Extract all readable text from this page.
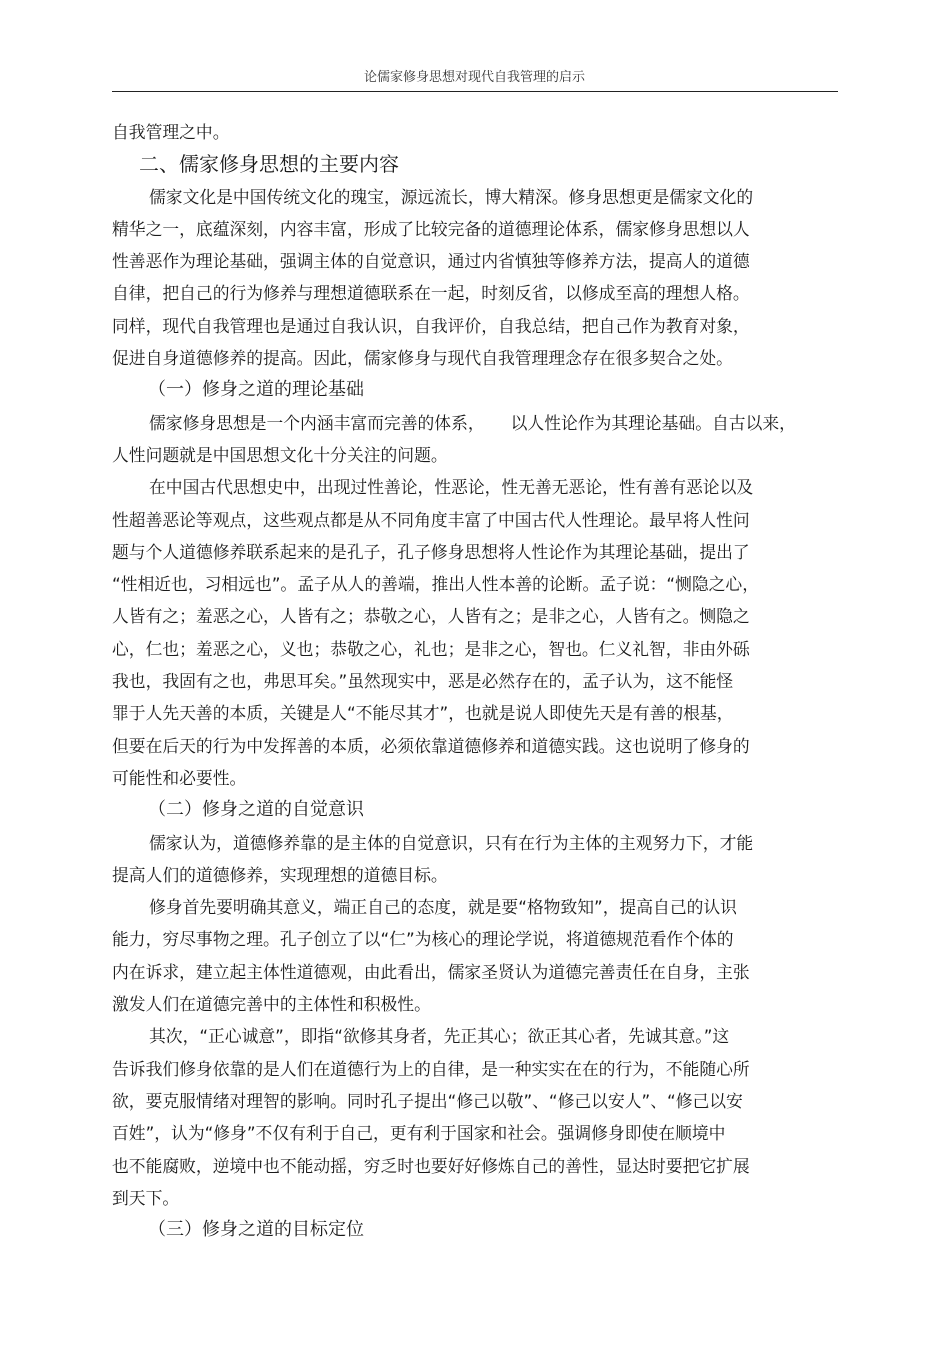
论儒家修身思想对现代自我管理的启示
自我管理之中。
二、儒家修身思想的主要内容
儒家文化是中国传统文化的瑰宝，源远流长，博大精深。修身思想更是儒家文化的
精华之一，底蕴深刻，内容丰富，形成了比较完备的道德理论体系，儒家修身思想以人
性善恶作为理论基础，强调主体的自觉意识，通过内省慎独等修养方法，提高人的道德
自律，把自己的行为修养与理想道德联系在一起，时刻反省，以修成至高的理想人格。
同样，现代自我管理也是通过自我认识，自我评价，自我总结，把自己作为教育对象，
促进自身道德修养的提高。因此，儒家修身与现代自我管理理念存在很多契合之处。
（一）修身之道的理论基础
儒家修身思想是一个内涵丰富而完善的体系， 以人性论作为其理论基础。自古以来，
人性问题就是中国思想文化十分关注的问题。
在中国古代思想史中，出现过性善论，性恶论，性无善无恶论，性有善有恶论以及
性超善恶论等观点，这些观点都是从不同角度丰富了中国古代人性理论。最早将人性问
题与个人道德修养联系起来的是孔子，孔子修身思想将人性论作为其理论基础，提出了
“性相近也，习相远也”。孟子从人的善端，推出人性本善的论断。孟子说：“恻隐之心，
人皆有之；羞恶之心，人皆有之；恭敬之心，人皆有之；是非之心，人皆有之。恻隐之
心，仁也；羞恶之心，义也；恭敬之心，礼也；是非之心，智也。仁义礼智，非由外砾
我也，我固有之也，弗思耳矣。”虽然现实中，恶是必然存在的，孟子认为，这不能怪
罪于人先天善的本质，关键是人“不能尽其才”，也就是说人即使先天是有善的根基，
但要在后天的行为中发挥善的本质，必须依靠道德修养和道德实践。这也说明了修身的
可能性和必要性。
（二）修身之道的自觉意识
儒家认为，道德修养靠的是主体的自觉意识，只有在行为主体的主观努力下，才能
提高人们的道德修养，实现理想的道德目标。
修身首先要明确其意义，端正自己的态度，就是要“格物致知”，提高自己的认识
能力，穷尽事物之理。孔子创立了以“仁”为核心的理论学说，将道德规范看作个体的
内在诉求，建立起主体性道德观，由此看出，儒家圣贤认为道德完善责任在自身，主张
激发人们在道德完善中的主体性和积极性。
其次，“正心诚意”，即指“欲修其身者，先正其心；欲正其心者，先诚其意。”这
告诉我们修身依靠的是人们在道德行为上的自律，是一种实实在在的行为，不能随心所
欲，要克服情绪对理智的影响。同时孔子提出“修己以敬”、“修己以安人”、“修己以安
百姓”，认为“修身”不仅有利于自己，更有利于国家和社会。强调修身即使在顺境中
也不能腐败，逆境中也不能动摇，穷乏时也要好好修炼自己的善性，显达时要把它扩展
到天下。
（三）修身之道的目标定位
